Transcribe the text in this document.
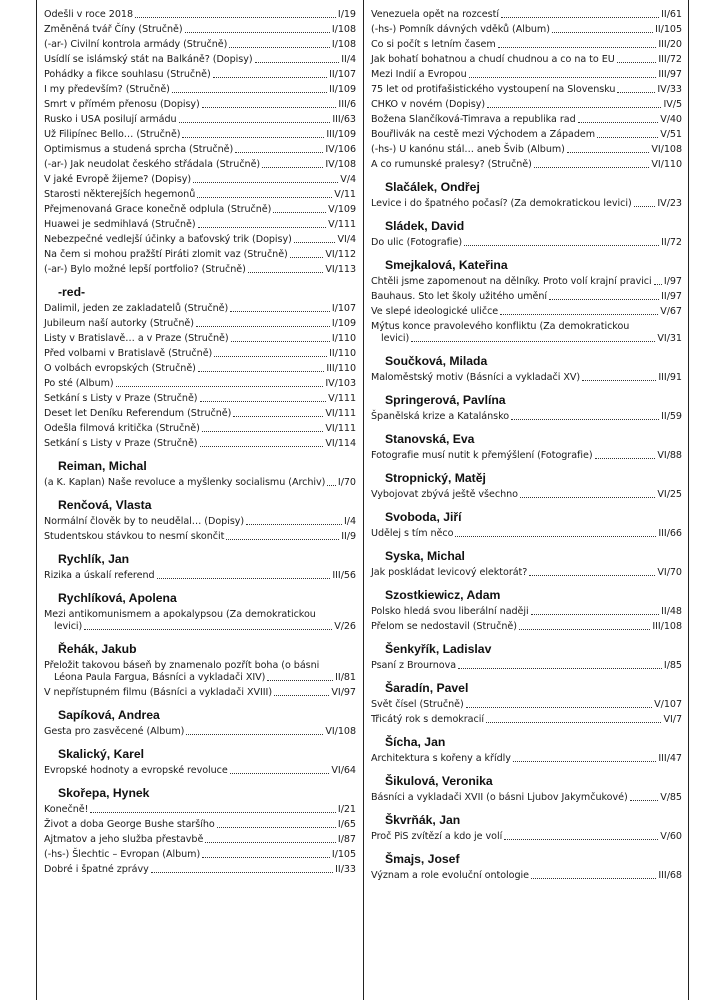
Odešli v roce 2018	I/19
Změněná tvář Číny (Stručně)	I/108
(-ar-) Civilní kontrola armády (Stručně)	I/108
Usídlí se islámský stát na Balkáně? (Dopisy)	II/4
Pohádky a fikce souhlasu (Stručně)	II/107
I my především? (Stručně)	II/109
Smrt v přímém přenosu (Dopisy)	III/6
Rusko i USA posilují armádu	III/63
Už Filipínec Bello… (Stručně)	III/109
Optimismus a studená sprcha (Stručně)	IV/106
(-ar-) Jak neudolat českého střádala (Stručně)	IV/108
V jaké Evropě žijeme? (Dopisy)	V/4
Starosti některejších hegemonů	V/11
Přejmenovaná Grace konečně odplula (Stručně)	V/109
Huawei je sedmihlavá (Stručně)	V/111
Nebezpečné vedlejší účinky a baťovský trik (Dopisy)	VI/4
Na čem si mohou pražští Piráti zlomit vaz (Stručně)	VI/112
(-ar-) Bylo možné lepší portfolio? (Stručně)	VI/113
-red-
Dalimil, jeden ze zakladatelů (Stručně)	I/107
Jubileum naší autorky (Stručně)	I/109
Listy v Bratislavě… a v Praze (Stručně)	I/110
Před volbami v Bratislavě (Stručně)	II/110
O volbách evropských (Stručně)	III/110
Po sté (Album)	IV/103
Setkání s Listy v Praze (Stručně)	V/111
Deset let Deníku Referendum (Stručně)	VI/111
Odešla filmová kritička (Stručně)	VI/111
Setkání s Listy v Praze (Stručně)	VI/114
Reiman, Michal
(a K. Kaplan) Naše revoluce a myšlenky socialismu (Archiv) I/70
Renčová, Vlasta
Normální člověk by to neudělal… (Dopisy)	I/4
Studentskou stávkou to nesmí skončit	II/9
Rychlík, Jan
Rizika a úskalí referend	III/56
Rychlíková, Apolena
Mezi antikomunismem a apokalypsou (Za demokratickou
levici)	V/26
Řehák, Jakub
Přeložit takovou báseň by znamenalo pozřít boha (o básni
Léona Paula Fargua, Básníci a vykladači XIV)	II/81
V nepřístupném filmu (Básníci a vykladači XVIII)	VI/97
Sapíková, Andrea
Gesta pro zasvěcené (Album)	VI/108
Skalický, Karel
Evropské hodnoty a evropské revoluce	VI/64
Skořepa, Hynek
Konečně!	I/21
Život a doba George Bushe staršího	I/65
Ajtmatov a jeho služba přestavbě	I/87
(-hs-) Šlechtic – Evropan (Album)	I/105
Dobré i špatné zprávy	II/33
Venezuela opět na rozcestí	II/61
(-hs-) Pomník dávných vděků (Album)	II/105
Co si počít s letním časem	III/20
Jak bohatí bohatnou a chudí chudnou a co na to EU	III/72
Mezi Indií a Evropou	III/97
75 let od protifašistického vystoupení na Slovensku	IV/33
CHKO v novém (Dopisy)	IV/5
Božena Slančíková-Timrava a republika rad	V/40
Bouřlivák na cestě mezi Východem a Západem	V/51
(-hs-) U kanónu stál… aneb Švib (Album)	VI/108
A co rumunské pralesy? (Stručně)	VI/110
Slačálek, Ondřej
Levice i do špatného počasí? (Za demokratickou levici)	IV/23
Sládek, David
Do ulic (Fotografie)	II/72
Smejkalová, Kateřina
Chtěli jsme zapomenout na dělníky. Proto volí krajní pravici I/97
Bauhaus. Sto let školy užitého umění	II/97
Ve slepé ideologické uličce	V/67
Mýtus konce pravolevého konfliktu (Za demokratickou
levici)	VI/31
Součková, Milada
Maloměstský motiv (Básníci a vykladači XV)	III/91
Springerová, Pavlína
Španělská krize a Katalánsko	II/59
Stanovská, Eva
Fotografie musí nutit k přemýšlení (Fotografie)	VI/88
Stropnický, Matěj
Vybojovat zbývá ještě všechno	VI/25
Svoboda, Jiří
Udělej s tím něco	III/66
Syska, Michal
Jak poskládat levicový elektorát?	VI/70
Szostkiewicz, Adam
Polsko hledá svou liberální naději	II/48
Přelom se nedostavil (Stručně)	III/108
Šenkyřík, Ladislav
Psaní z Brournova	I/85
Šaradín, Pavel
Svět čísel (Stručně)	V/107
Třicátý rok s demokracií	VI/7
Šícha, Jan
Architektura s kořeny a křídly	III/47
Šikulová, Veronika
Básníci a vykladači XVII (o básni Ljubov Jakymčukové)	V/85
Škvrňák, Jan
Proč PiS zvítězí a kdo je volí	V/60
Šmajs, Josef
Význam a role evoluční ontologie	III/68
